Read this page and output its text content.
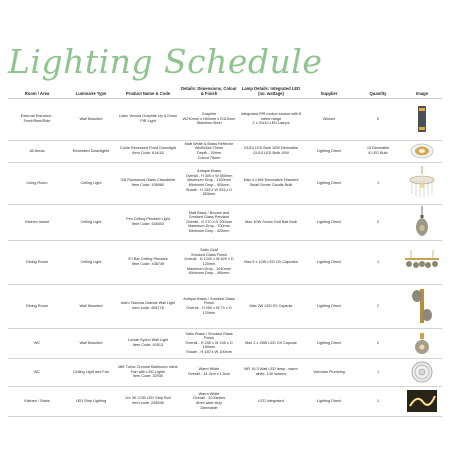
Lighting Schedule
Room / Area	Luminaire Type	Product Name & Code	Details: Dimensions, Colour & Finish	Lamp Details: Integrated LED (no. wattage)	Supplier	Quantity	Image
External Entrance - Front/Rear/Side	Wall Mounted	Lutec Verona Graphite Up & Down PIR Light	Graphite
W230mm x H60mm x D110mm
Stainless Steel	Integrated PIR motion sensor with 8 metre range
2 x GU10 LED Lamps	Wickes	5	

All Areas	Recessed Downlights	Conie Recessed Fixed Downlight
Item Code: 614/18	Matt White & Brass Reflector
Width/Dia 79mm
Depth - 20mm
Cutout 70mm	GU10 LED Bulb 10W Dimmable
GU10 LED Bulb 10W	Lighting Direct	13 Dimmable
8 LED Bulb	

Living Room	Ceiling Light	Gill Rosewood Glass Chandelier
Item Code: 436980	Antique Brass
Overall - H 300 x W 500mm
Maximum Drop - 1100mm
Minimum Drop - 400mm
Shade - H 155 x W 533 x D 553mm	Max 4 x 6W Decorative Filament Small Screw Candle Bulb	Lighting Direct	1	

Kitchen Island	Ceiling Light	Fen Ceiling Pendant Light
Item Code: 636403	Matt Black / Bronze and Smoked Glass Pendant
Overall - H 270 x D 200mm
Maximum Drop - 700mm
Minimum Drop - 420mm	Max 40W Screw Golf Ball Bulb	Lighting Direct	2	

Dining Room	Ceiling Light	IFI Bar Ceiling Pendant
Item Code: 436749	Satin Gold
Smoked Glass Finish
Overall - H 1240 x W 620 x D 120mm
Maximum Drop - 1040mm
Minimum Drop - 490mm	Max 5 x 10W LED G9 Capsules	Lighting Direct	1	

Dining Room	Wall Mounted	Astro Tacoma Grande Wall Light
Item code: 408778	Antique Brass / Smoked Glass Finish
Overall - H 450 x W 70 x D 120mm	Max 2W LED E9 Capsule	Lighting Direct	2	

WC	Wall Mounted	Lucide Sycho Wall Light
Item Code: 40513	Satin Brass / Smoked Glass Finish
Overall - H 245 x W 245 x D 150mm
Shade - H 150 x W 100mm	Max 2 x 28W LED G9 Capsule	Lighting Direct	2	

WC	Ceiling Light and Fan	MiE Turbo Chrome Bathroom Inline Fan with LED Lights
Item Code: 32930	Warm White
Overall - 14.3cm x 1.5cm	MR 16 3 Watt LED lamp - warm white, 140 lumens	Victorian Plumbing	1	

Kitchen / Stairs	LED Strip Lighting	2m 3K COB LED Strip Roll
Item code: 228536	Warm White
Overall - 20 Metres
8mm wide strip
Dimmable	LED Integrated	Lighting Direct	1	
